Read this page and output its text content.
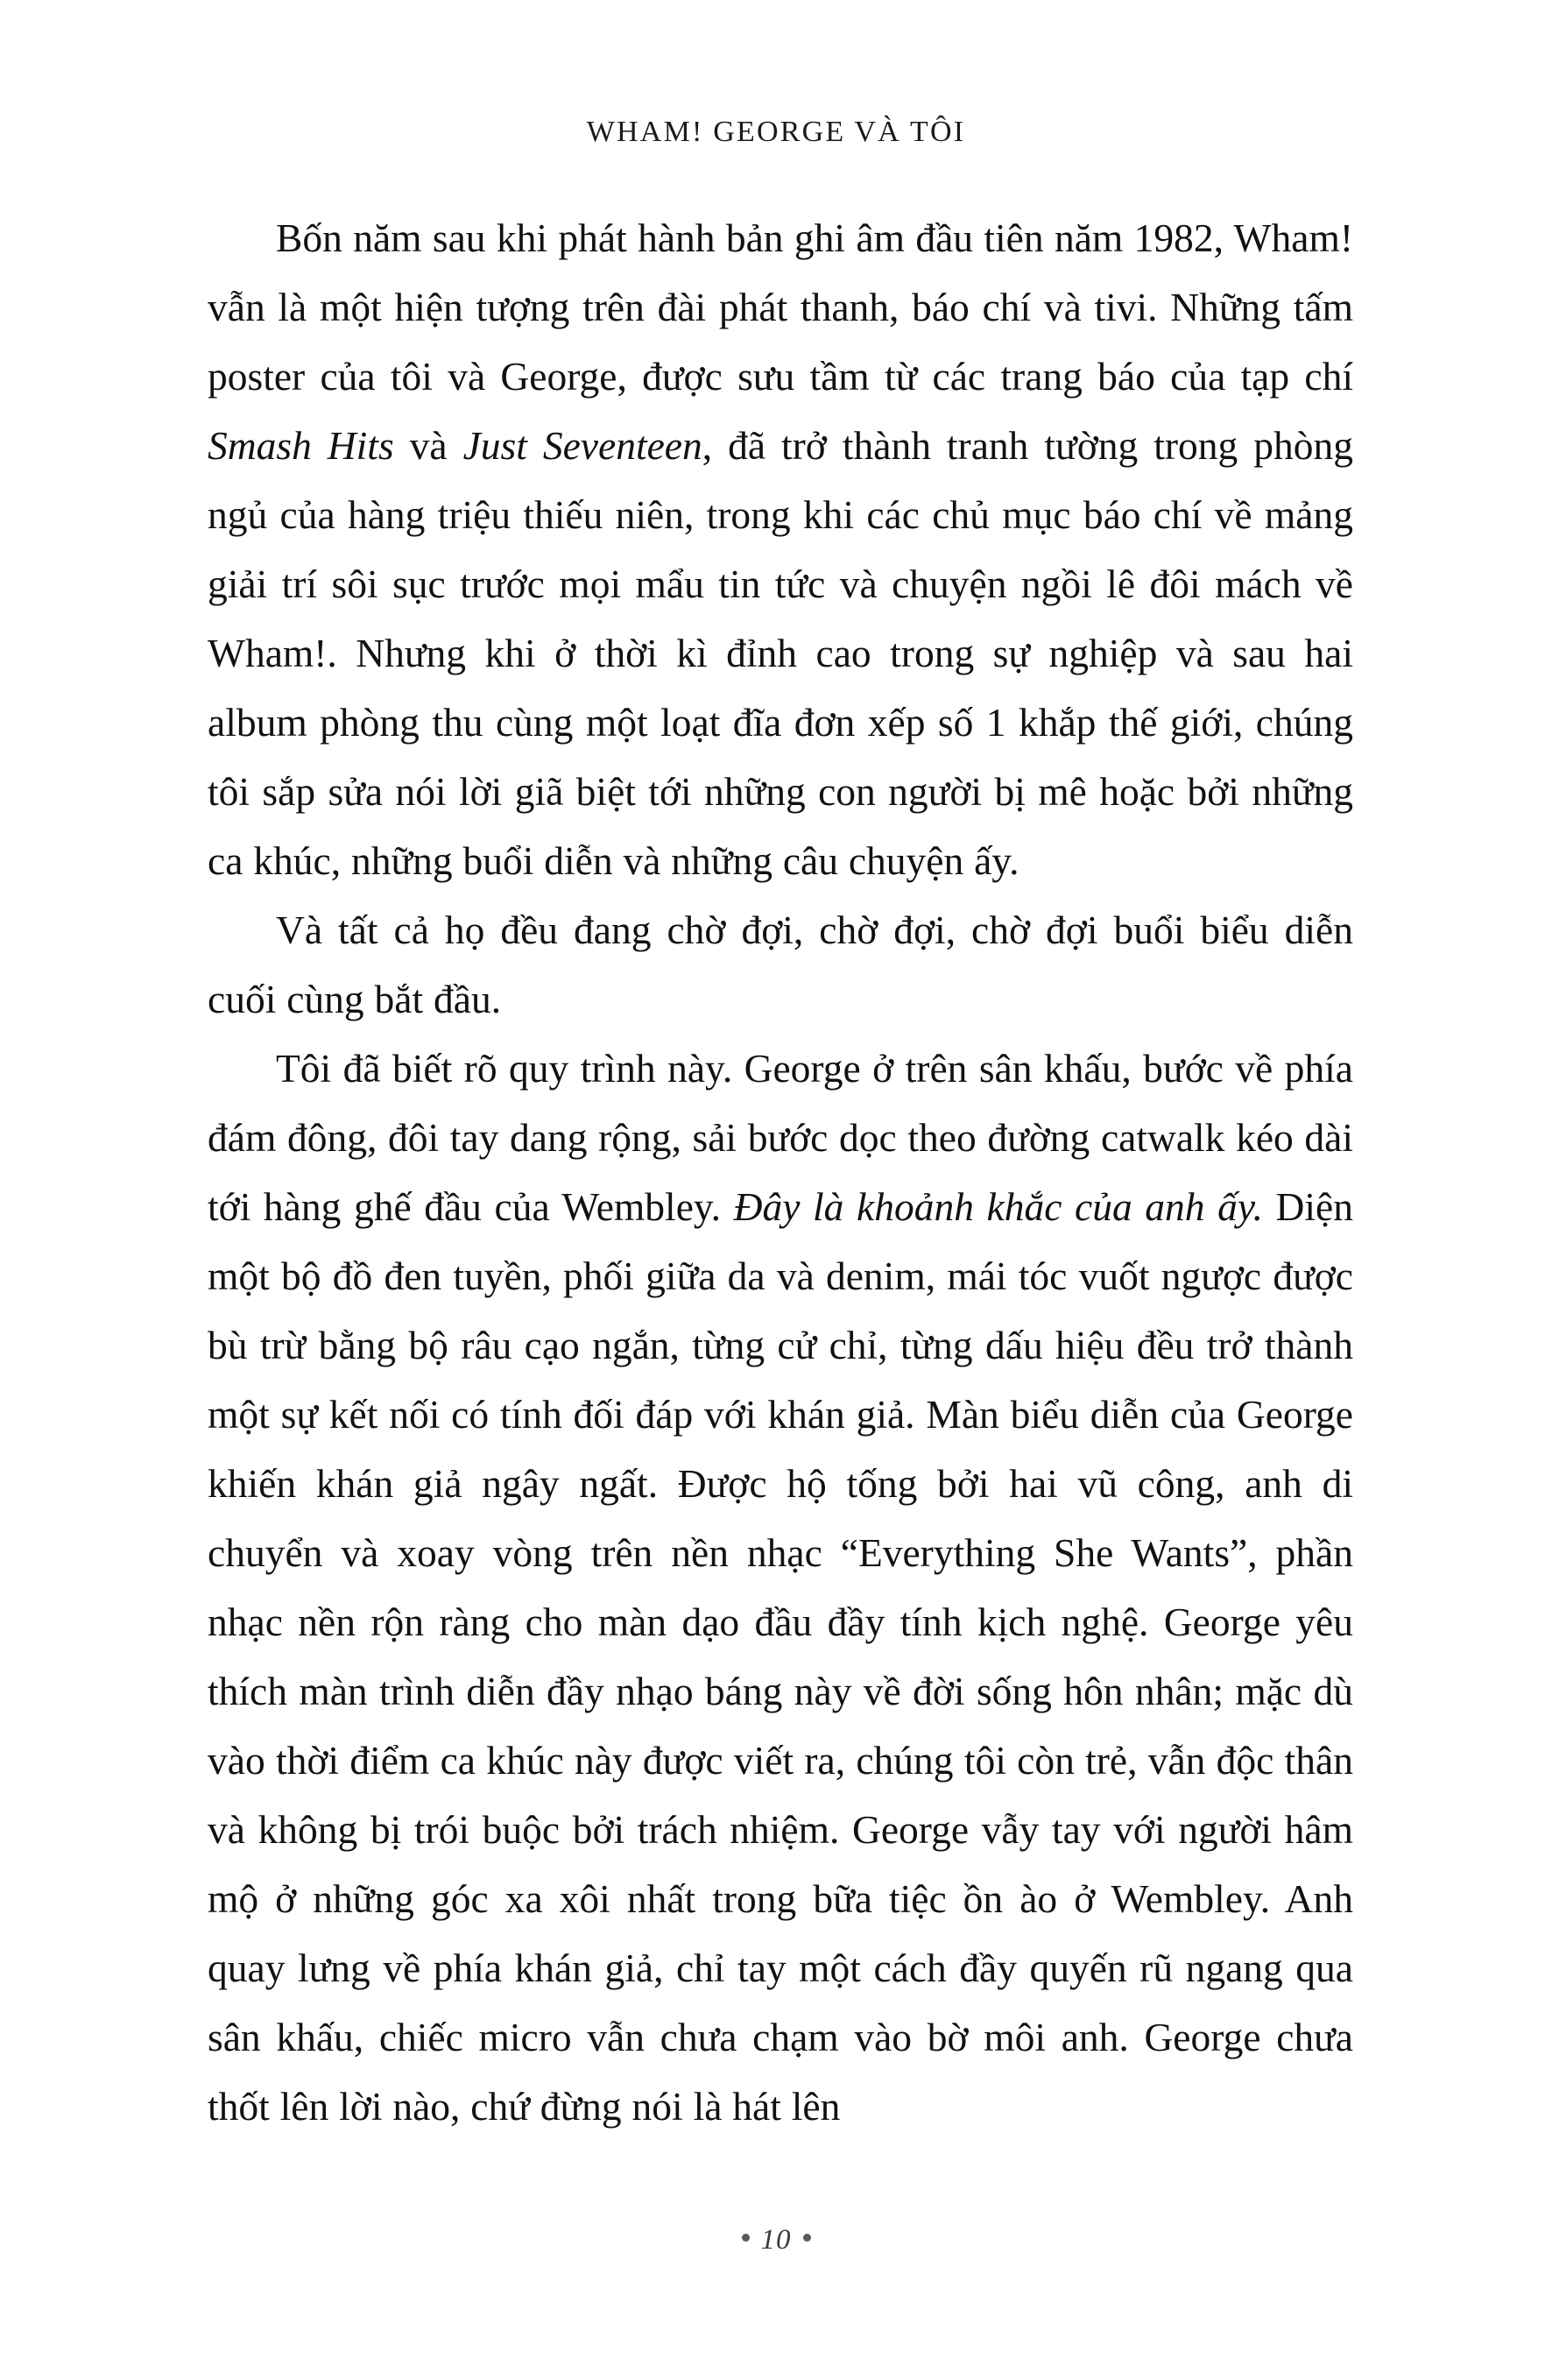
WHAM! GEORGE VÀ TÔI

Bốn năm sau khi phát hành bản ghi âm đầu tiên năm 1982, Wham! vẫn là một hiện tượng trên đài phát thanh, báo chí và tivi. Những tấm poster của tôi và George, được sưu tầm từ các trang báo của tạp chí Smash Hits và Just Seventeen, đã trở thành tranh tường trong phòng ngủ của hàng triệu thiếu niên, trong khi các chủ mục báo chí về mảng giải trí sôi sục trước mọi mẩu tin tức và chuyện ngồi lê đôi mách về Wham!. Nhưng khi ở thời kì đỉnh cao trong sự nghiệp và sau hai album phòng thu cùng một loạt đĩa đơn xếp số 1 khắp thế giới, chúng tôi sắp sửa nói lời giã biệt tới những con người bị mê hoặc bởi những ca khúc, những buổi diễn và những câu chuyện ấy.

Và tất cả họ đều đang chờ đợi, chờ đợi, chờ đợi buổi biểu diễn cuối cùng bắt đầu.

Tôi đã biết rõ quy trình này. George ở trên sân khấu, bước về phía đám đông, đôi tay dang rộng, sải bước dọc theo đường catwalk kéo dài tới hàng ghế đầu của Wembley. Đây là khoảnh khắc của anh ấy. Diện một bộ đồ đen tuyền, phối giữa da và denim, mái tóc vuốt ngược được bù trừ bằng bộ râu cạo ngắn, từng cử chỉ, từng dấu hiệu đều trở thành một sự kết nối có tính đối đáp với khán giả. Màn biểu diễn của George khiến khán giả ngây ngất. Được hộ tống bởi hai vũ công, anh di chuyển và xoay vòng trên nền nhạc “Everything She Wants”, phần nhạc nền rộn ràng cho màn dạo đầu đầy tính kịch nghệ. George yêu thích màn trình diễn đầy nhạo báng này về đời sống hôn nhân; mặc dù vào thời điểm ca khúc này được viết ra, chúng tôi còn trẻ, vẫn độc thân và không bị trói buộc bởi trách nhiệm. George vẫy tay với người hâm mộ ở những góc xa xôi nhất trong bữa tiệc ồn ào ở Wembley. Anh quay lưng về phía khán giả, chỉ tay một cách đầy quyến rũ ngang qua sân khấu, chiếc micro vẫn chưa chạm vào bờ môi anh. George chưa thốt lên lời nào, chứ đừng nói là hát lên

10
